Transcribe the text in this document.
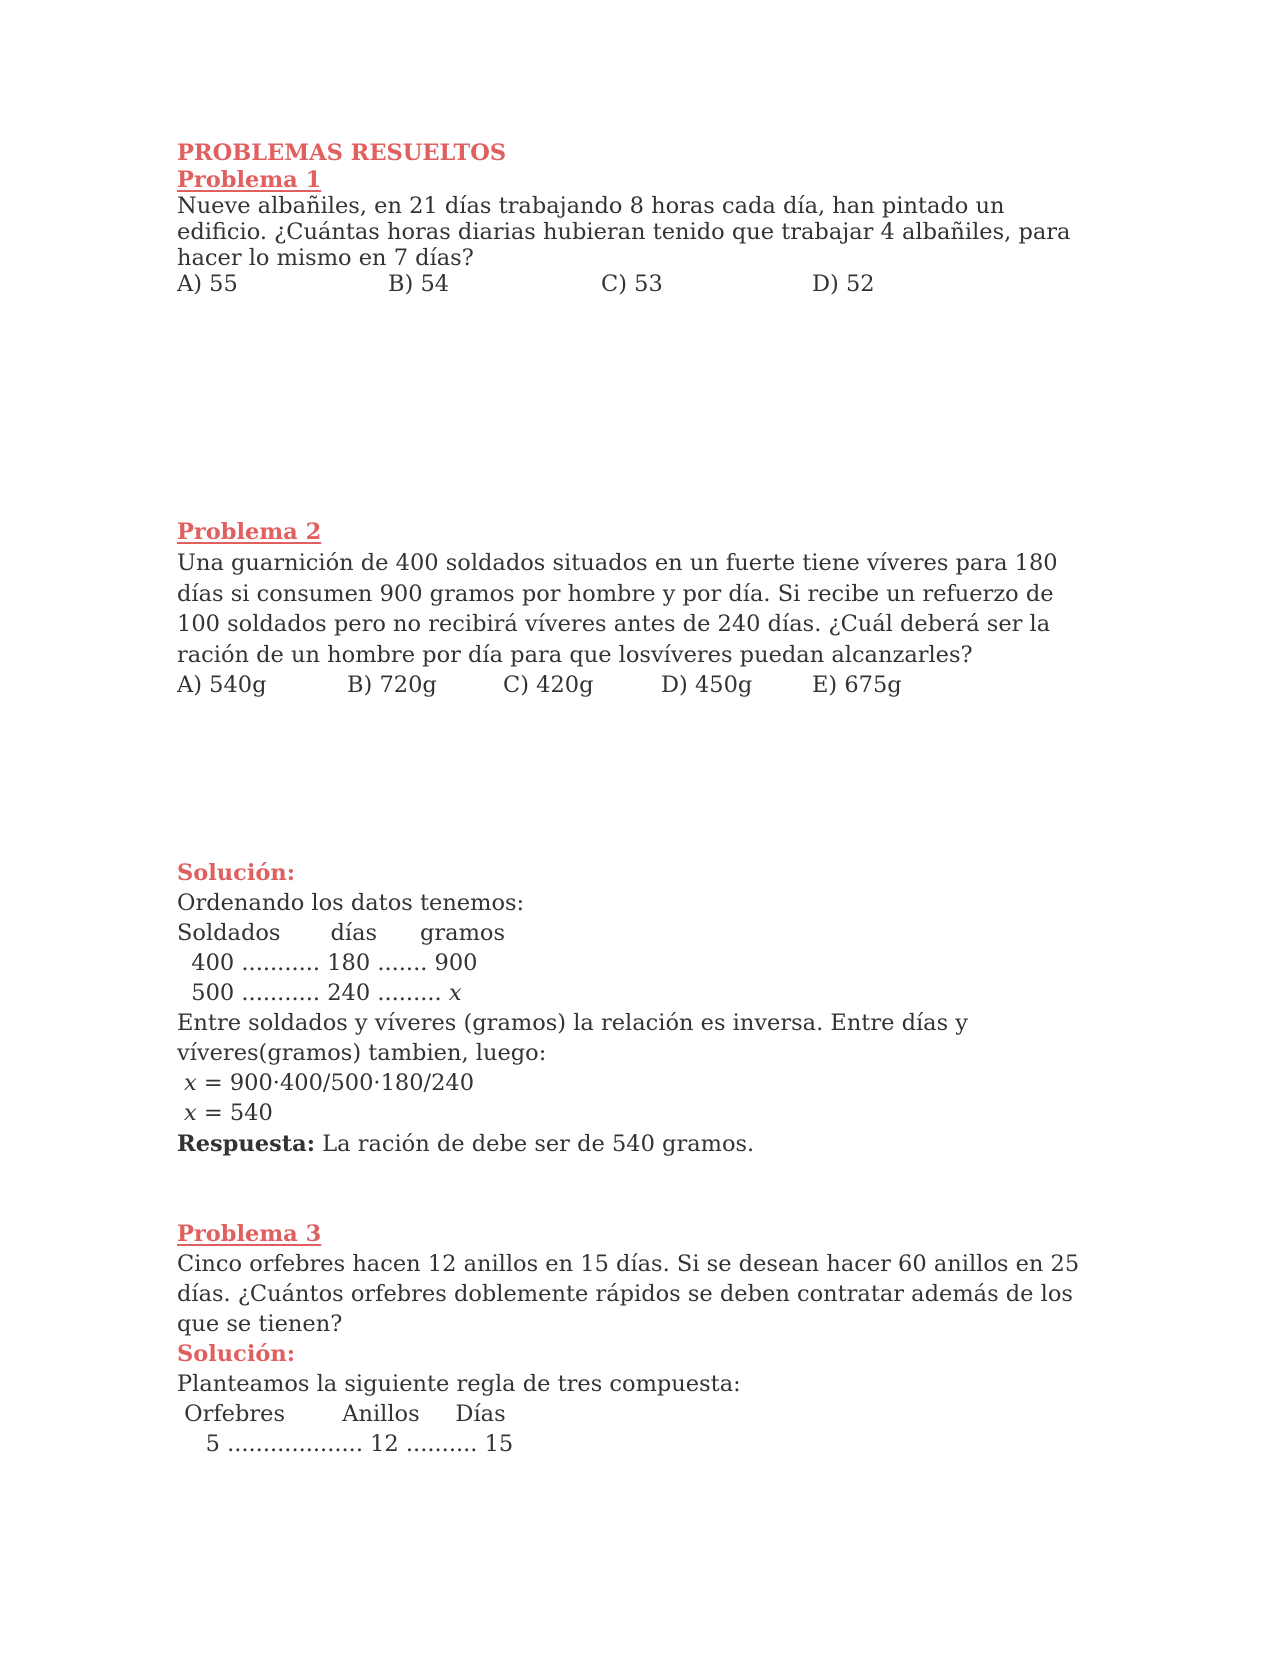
PROBLEMAS RESUELTOS

Problema 1

Nueve albañiles, en 21 días trabajando 8 horas cada día, han pintado un

edificio. ¿Cuántas horas diarias hubieran tenido que trabajar 4 albañiles, para

hacer lo mismo en 7 días?

A) 55	B) 54	C) 53	D) 52

Problema 2

Una guarnición de 400 soldados situados en un fuerte tiene víveres para 180

días si consumen 900 gramos por hombre y por día. Si recibe un refuerzo de

100 soldados pero no recibirá víveres antes de 240 días. ¿Cuál deberá ser la

ración de un hombre por día para que losvíveres puedan alcanzarles?

A) 540g	B) 720g	C) 420g	D) 450g	E) 675g

Solución:

Ordenando los datos tenemos:

Soldados       días      gramos

400 ........... 180 ....... 900

500 ........... 240 ......... x

Entre soldados y víveres (gramos) la relación es inversa. Entre días y

víveres(gramos) tambien, luego:

x = 900·400/500·180/240

x = 540

Respuesta: La ración de debe ser de 540 gramos.

Problema 3

Cinco orfebres hacen 12 anillos en 15 días. Si se desean hacer 60 anillos en 25

días. ¿Cuántos orfebres doblemente rápidos se deben contratar además de los

que se tienen?

Solución:

Planteamos la siguiente regla de tres compuesta:

Orfebres        Anillos     Días

5 ................... 12 .......... 15
